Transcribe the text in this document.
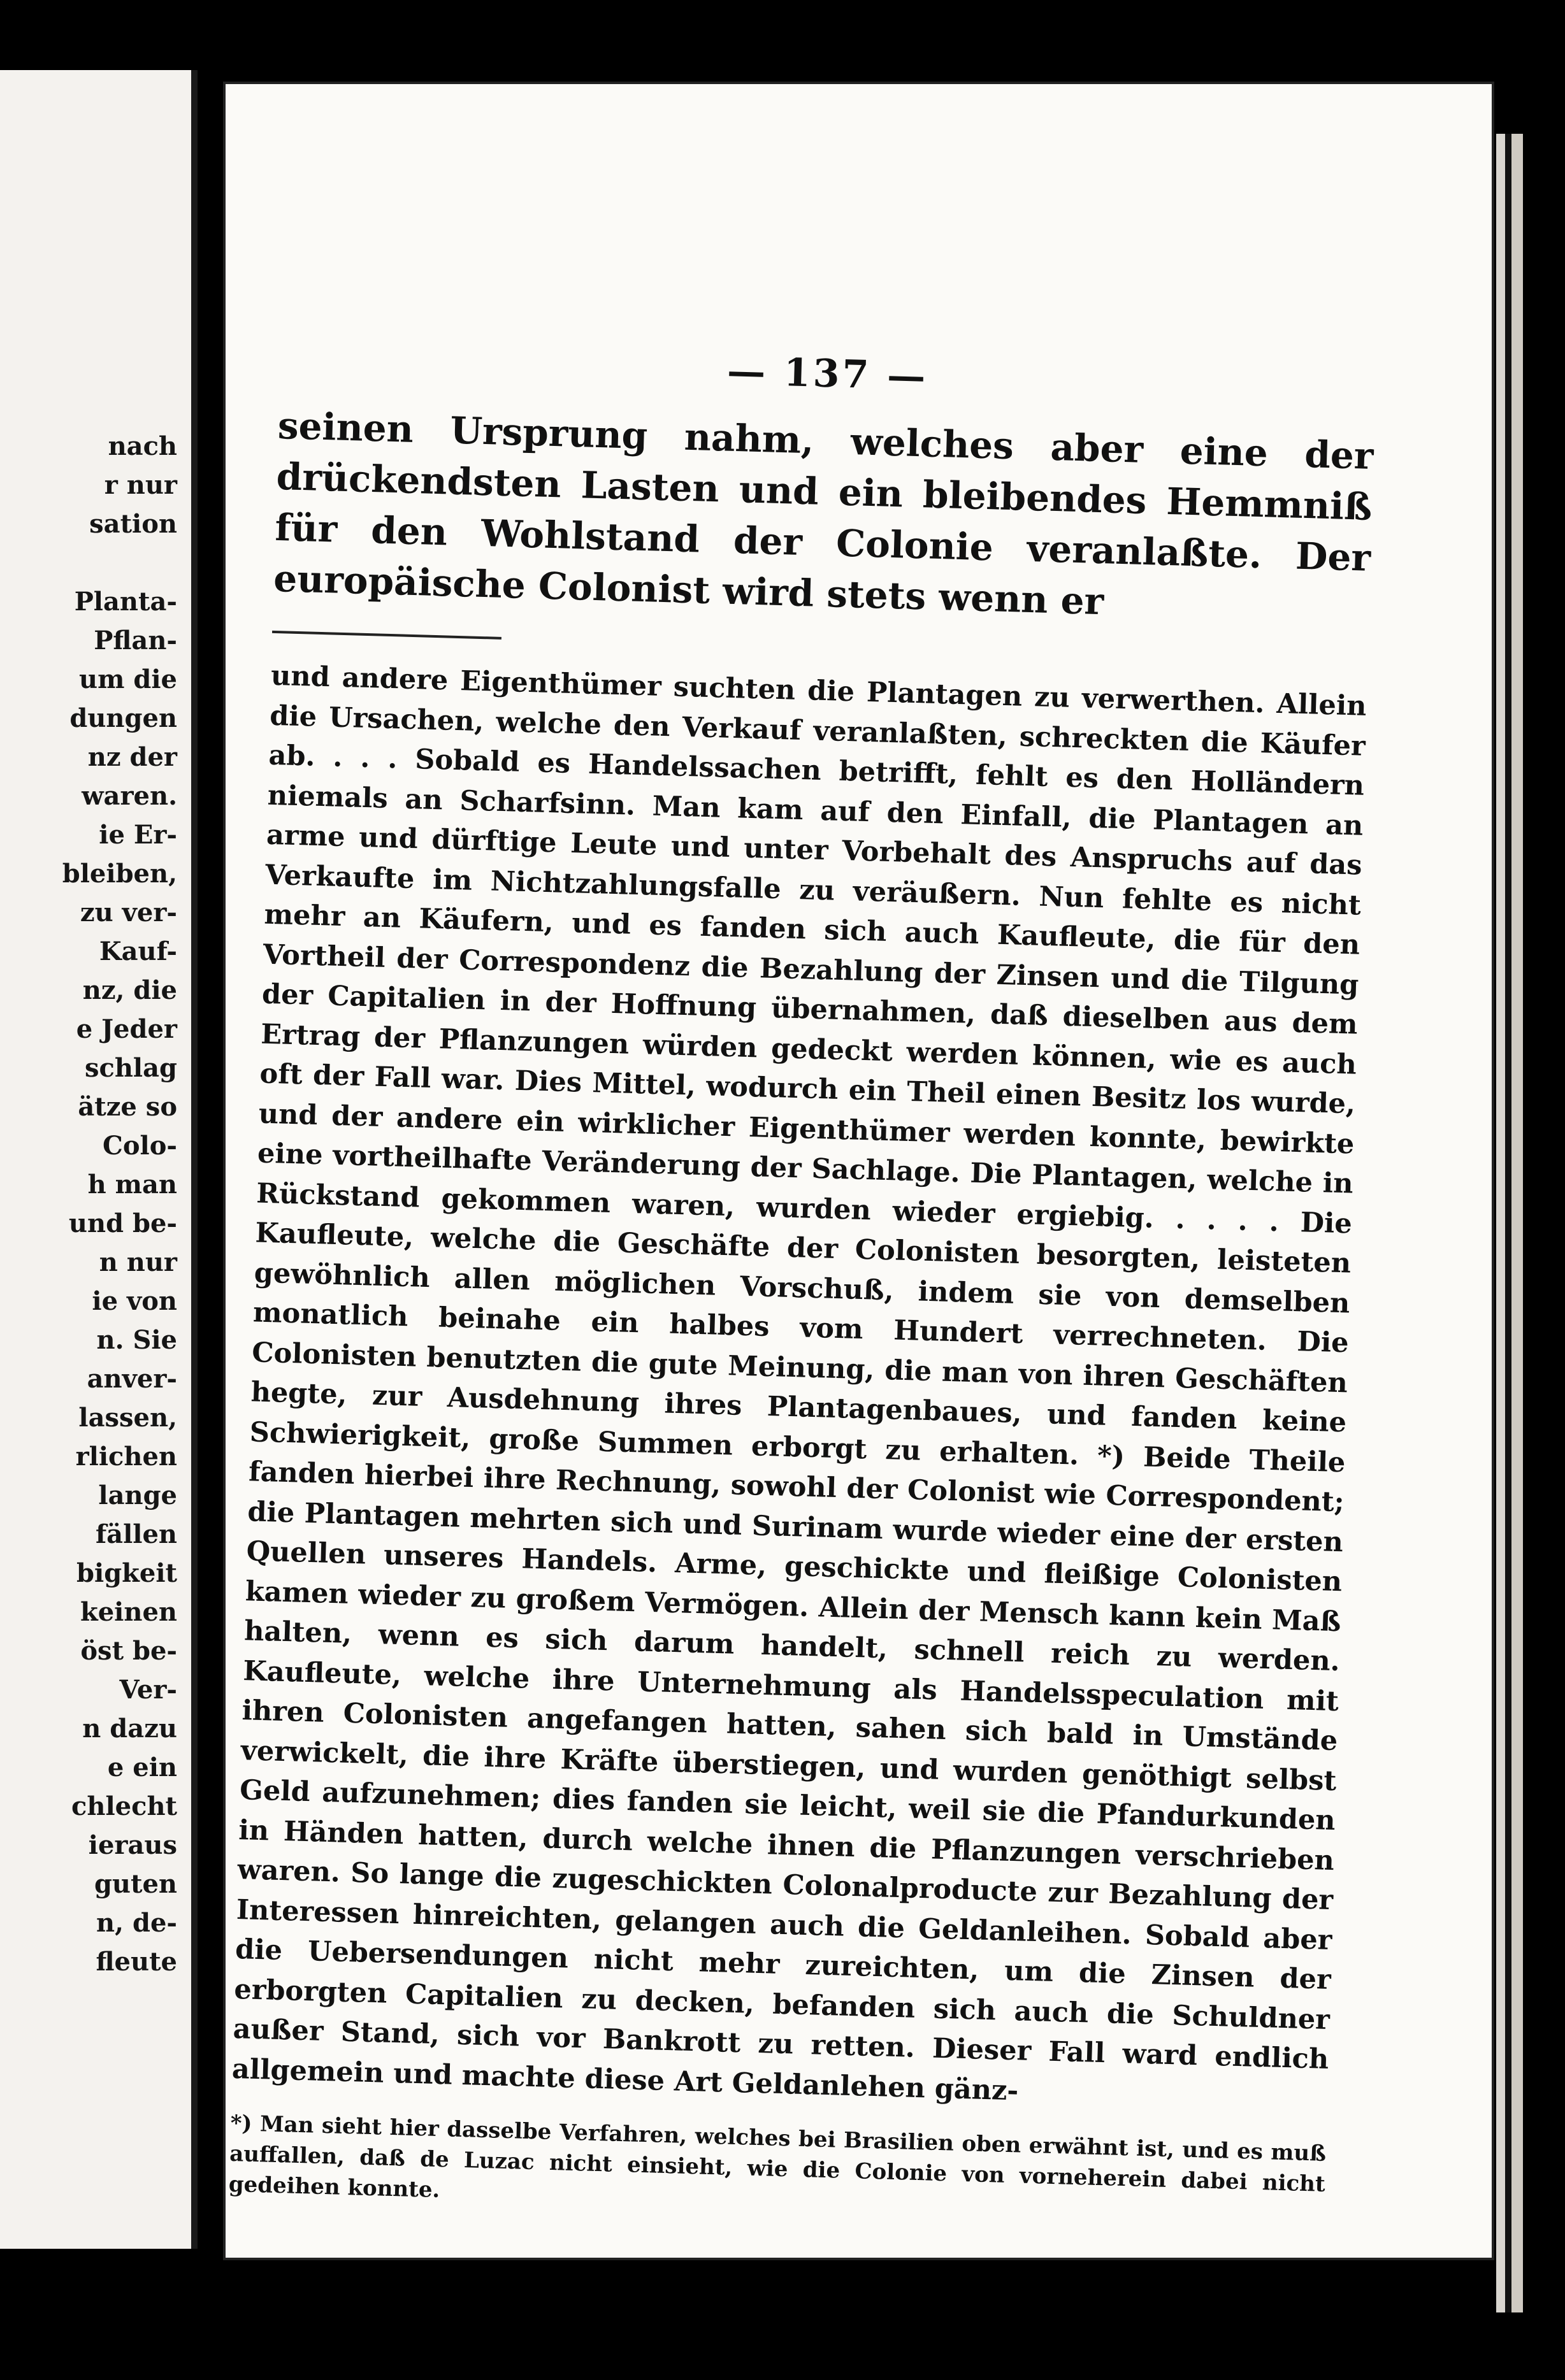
nach
r nur
sation

Planta-
Pflan-
um die
dungen
nz der
waren.
ie Er-
bleiben,
zu ver-
Kauf-
nz, die
e Jeder
schlag
ätze so
Colo-
h man
und be-
n nur
ie von
n. Sie
anver-
lassen,
rlichen
lange
fällen
bigkeit
keinen
öst be-
Ver-
n dazu
e ein
chlecht
ieraus
guten
n, de-
fleute
— 137 —

seinen Ursprung nahm, welches aber eine der drückendsten Lasten und ein bleibendes Hemmniß für den Wohlstand der Colonie veranlaßte. Der europäische Colonist wird stets wenn er

und andere Eigenthümer suchten die Plantagen zu verwerthen. Allein die Ursachen, welche den Verkauf veranlaßten, schreckten die Käufer ab. . . . Sobald es Handelssachen betrifft, fehlt es den Holländern niemals an Scharfsinn. Man kam auf den Einfall, die Plantagen an arme und dürftige Leute und unter Vorbehalt des Anspruchs auf das Verkaufte im Nichtzahlungsfalle zu veräußern. Nun fehlte es nicht mehr an Käufern, und es fanden sich auch Kaufleute, die für den Vortheil der Correspondenz die Bezahlung der Zinsen und die Tilgung der Capitalien in der Hoffnung übernahmen, daß dieselben aus dem Ertrag der Pflanzungen würden gedeckt werden können, wie es auch oft der Fall war. Dies Mittel, wodurch ein Theil einen Besitz los wurde, und der andere ein wirklicher Eigenthümer werden konnte, bewirkte eine vortheilhafte Veränderung der Sachlage. Die Plantagen, welche in Rückstand gekommen waren, wurden wieder ergiebig. . . . . Die Kaufleute, welche die Geschäfte der Colonisten besorgten, leisteten gewöhnlich allen möglichen Vorschuß, indem sie von demselben monatlich beinahe ein halbes vom Hundert verrechneten. Die Colonisten benutzten die gute Meinung, die man von ihren Geschäften hegte, zur Ausdehnung ihres Plantagenbaues, und fanden keine Schwierigkeit, große Summen erborgt zu erhalten. *) Beide Theile fanden hierbei ihre Rechnung, sowohl der Colonist wie Correspondent; die Plantagen mehrten sich und Surinam wurde wieder eine der ersten Quellen unseres Handels. Arme, geschickte und fleißige Colonisten kamen wieder zu großem Vermögen. Allein der Mensch kann kein Maß halten, wenn es sich darum handelt, schnell reich zu werden. Kaufleute, welche ihre Unternehmung als Handelsspeculation mit ihren Colonisten angefangen hatten, sahen sich bald in Umstände verwickelt, die ihre Kräfte überstiegen, und wurden genöthigt selbst Geld aufzunehmen; dies fanden sie leicht, weil sie die Pfandurkunden in Händen hatten, durch welche ihnen die Pflanzungen verschrieben waren. So lange die zugeschickten Colonalproducte zur Bezahlung der Interessen hinreichten, gelangen auch die Geldanleihen. Sobald aber die Uebersendungen nicht mehr zureichten, um die Zinsen der erborgten Capitalien zu decken, befanden sich auch die Schuldner außer Stand, sich vor Bankrott zu retten. Dieser Fall ward endlich allgemein und machte diese Art Geldanlehen gänz-

*) Man sieht hier dasselbe Verfahren, welches bei Brasilien oben erwähnt ist, und es muß auffallen, daß de Luzac nicht einsieht, wie die Colonie von vorneherein dabei nicht gedeihen konnte.
